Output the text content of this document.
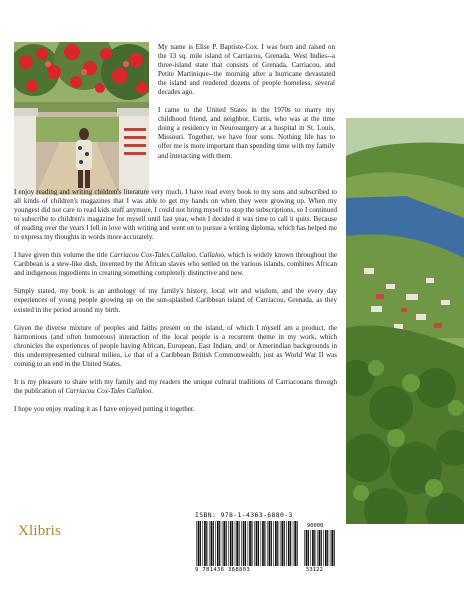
My name is Elise P. Baptiste-Cox. I was born and raised on the 13 sq. mile island of Carriacou, Grenada, West Indies--a three-island state that consists of Grenada, Carriacou, and Petite Martinique--the morning after a hurricane devastated the island and rendered dozens of people homeless, several decades ago.

I came to the United States in the 1970s to marry my childhood friend, and neighbor, Curtis, who was at the time doing a residency in Neurosurgery at a hospital in St. Louis, Missouri. Together, we have four sons. Nothing life has to offer me is more important than spending time with my family and interacting with them.

I enjoy reading and writing children's literature very much. I have read every book to my sons and subscribed to all kinds of children's magazines that I was able to get my hands on when they were growing up. When my youngest did not care to read kids stuff anymore, I could not bring myself to stop the subscriptions, so I continued to subscribe to children's magazine for myself until last year, when I decided it was time to call it quits. Because of reading over the years I fell in love with writing and went on to pursue a writing diploma, which has helped me to express my thoughts in words more accurately.

I have given this volume the title Carriacou Cox-Tales.Callaloo. Callaloo, which is widely known throughout the Caribbean is a stew-like dish, invented by the African slaves who settled on the various islands, combines African and indigenous ingredients in creating something completely distinctive and new.

Simply stated, my book is an anthology of my family's history, local wit and wisdom, and the every day experiences of young people growing up on the sun-splashed Caribbean island of Carriacou, Grenada, as they existed in the period around my birth.

Given the diverse mixture of peoples and faiths present on the island, of which I myself am a product, the harmonious (and often humorous) interaction of the local people is a recurrent theme in my work, which chronicles the experiences of people having African, European, East Indian, and/ or Amerindian backgrounds in this underrepresented cultural milieu, i.e that of a Caribbean British Commonwealth, just as World War II was coming to an end in the United States.

It is my pleasure to share with my family and my readers the unique cultural traditions of Carriacouans through the publication of Carriacou Cox-Tales Callaloo.

I hope you enjoy reading it as I have enjoyed putting it together.

Xlibris
ISBN: 978-1-4363-6880-3
90000
9 781436 368803	53122
